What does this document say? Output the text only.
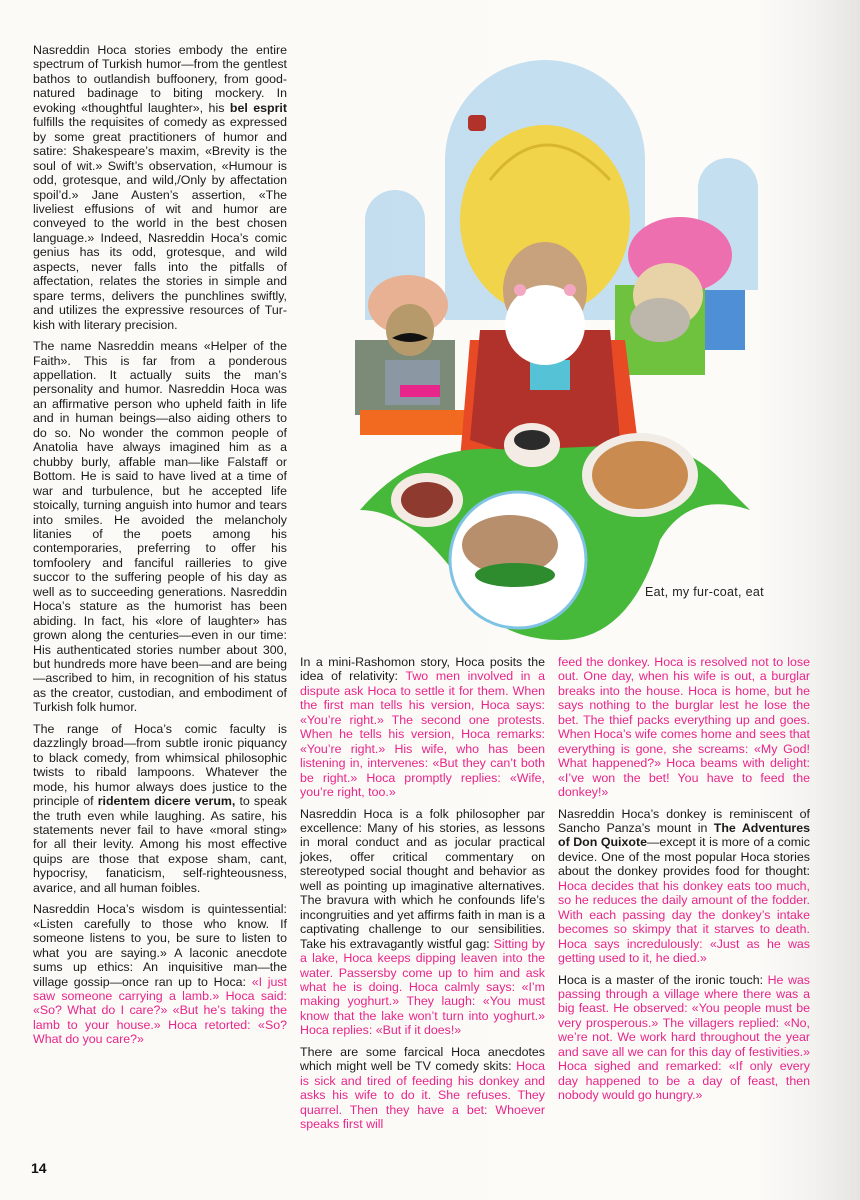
Eat, my fur-coat, eat

Nasreddin Hoca stories embody the entire spectrum of Turkish humor—from the gentlest bathos to outlandish buffoonery, from good-natured badinage to biting mockery. In evoking «thoughtful laughter», his bel esprit fulfills the requisites of comedy as expressed by some great practitioners of humor and satire: Shakespeare’s maxim, «Brevity is the soul of wit.» Swift’s observation, «Humour is odd, grotesque, and wild,/Only by affectation spoil’d.» Jane Austen’s assertion, «The liveliest effusions of wit and humor are conveyed to the world in the best chosen language.» Indeed, Nasreddin Hoca’s comic genius has its odd, grotesque, and wild aspects, never falls into the pitfalls of affectation, relates the stories in simple and spare terms, delivers the punchlines swiftly, and utilizes the expressive resources of Turkish with literary precision.

The name Nasreddin means «Helper of the Faith». This is far from a ponderous appellation. It actually suits the man’s personality and humor. Nasreddin Hoca was an affirmative person who upheld faith in life and in human beings—also aiding others to do so. No wonder the common people of Anatolia have always imagined him as a chubby burly, affable man—like Falstaff or Bottom. He is said to have lived at a time of war and turbulence, but he accepted life stoically, turning anguish into humor and tears into smiles. He avoided the melancholy litanies of the poets among his contemporaries, preferring to offer his tomfoolery and fanciful railleries to give succor to the suffering people of his day as well as to succeeding generations. Nasreddin Hoca’s stature as the humorist has been abiding. In fact, his «lore of laughter» has grown along the centuries—even in our time: His authenticated stories number about 300, but hundreds more have been—and are being—ascribed to him, in recognition of his status as the creator, custodian, and embodiment of Turkish folk humor.

The range of Hoca’s comic faculty is dazzlingly broad—from subtle ironic piquancy to black comedy, from whimsical philosophic twists to ribald lampoons. Whatever the mode, his humor always does justice to the principle of ridentem dicere verum, to speak the truth even while laughing. As satire, his statements never fail to have «moral sting» for all their levity. Among his most effective quips are those that expose sham, cant, hypocrisy, fanaticism, self-righteousness, avarice, and all human foibles.

Nasreddin Hoca’s wisdom is quintessential: «Listen carefully to those who know. If someone listens to you, be sure to listen to what you are saying.» A laconic anecdote sums up ethics: An inquisitive man—the village gossip—once ran up to Hoca: «I just saw someone carrying a lamb.» Hoca said: «So? What do I care?» «But he’s taking the lamb to your house.» Hoca retorted: «So? What do you care?»

14

In a mini-Rashomon story, Hoca posits the idea of relativity: Two men involved in a dispute ask Hoca to settle it for them. When the first man tells his version, Hoca says: «You’re right.» The second one protests. When he tells his version, Hoca remarks: «You’re right.» His wife, who has been listening in, intervenes: «But they can’t both be right.» Hoca promptly replies: «Wife, you’re right, too.»

Nasreddin Hoca is a folk philosopher par excellence: Many of his stories, as lessons in moral conduct and as jocular practical jokes, offer critical commentary on stereotyped social thought and behavior as well as pointing up imaginative alternatives. The bravura with which he confounds life’s incongruities and yet affirms faith in man is a captivating challenge to our sensibilities. Take his extravagantly wistful gag: Sitting by a lake, Hoca keeps dipping leaven into the water. Passersby come up to him and ask what he is doing. Hoca calmly says: «I’m making yoghurt.» They laugh: «You must know that the lake won’t turn into yoghurt.» Hoca replies: «But if it does!»

There are some farcical Hoca anecdotes which might well be TV comedy skits: Hoca is sick and tired of feeding his donkey and asks his wife to do it. She refuses. They quarrel. Then they have a bet: Whoever speaks first will

feed the donkey. Hoca is resolved not to lose out. One day, when his wife is out, a burglar breaks into the house. Hoca is home, but he says nothing to the burglar lest he lose the bet. The thief packs everything up and goes. When Hoca’s wife comes home and sees that everything is gone, she screams: «My God! What happened?» Hoca beams with delight: «I’ve won the bet! You have to feed the donkey!»

Nasreddin Hoca’s donkey is reminiscent of Sancho Panza’s mount in The Adventures of Don Quixote—except it is more of a comic device. One of the most popular Hoca stories about the donkey provides food for thought: Hoca decides that his donkey eats too much, so he reduces the daily amount of the fodder. With each passing day the donkey’s intake becomes so skimpy that it starves to death. Hoca says incredulously: «Just as he was getting used to it, he died.»

Hoca is a master of the ironic touch: He was passing through a village where there was a big feast. He observed: «You people must be very prosperous.» The villagers replied: «No, we’re not. We work hard throughout the year and save all we can for this day of festivities.» Hoca sighed and remarked: «If only every day happened to be a day of feast, then nobody would go hungry.»
